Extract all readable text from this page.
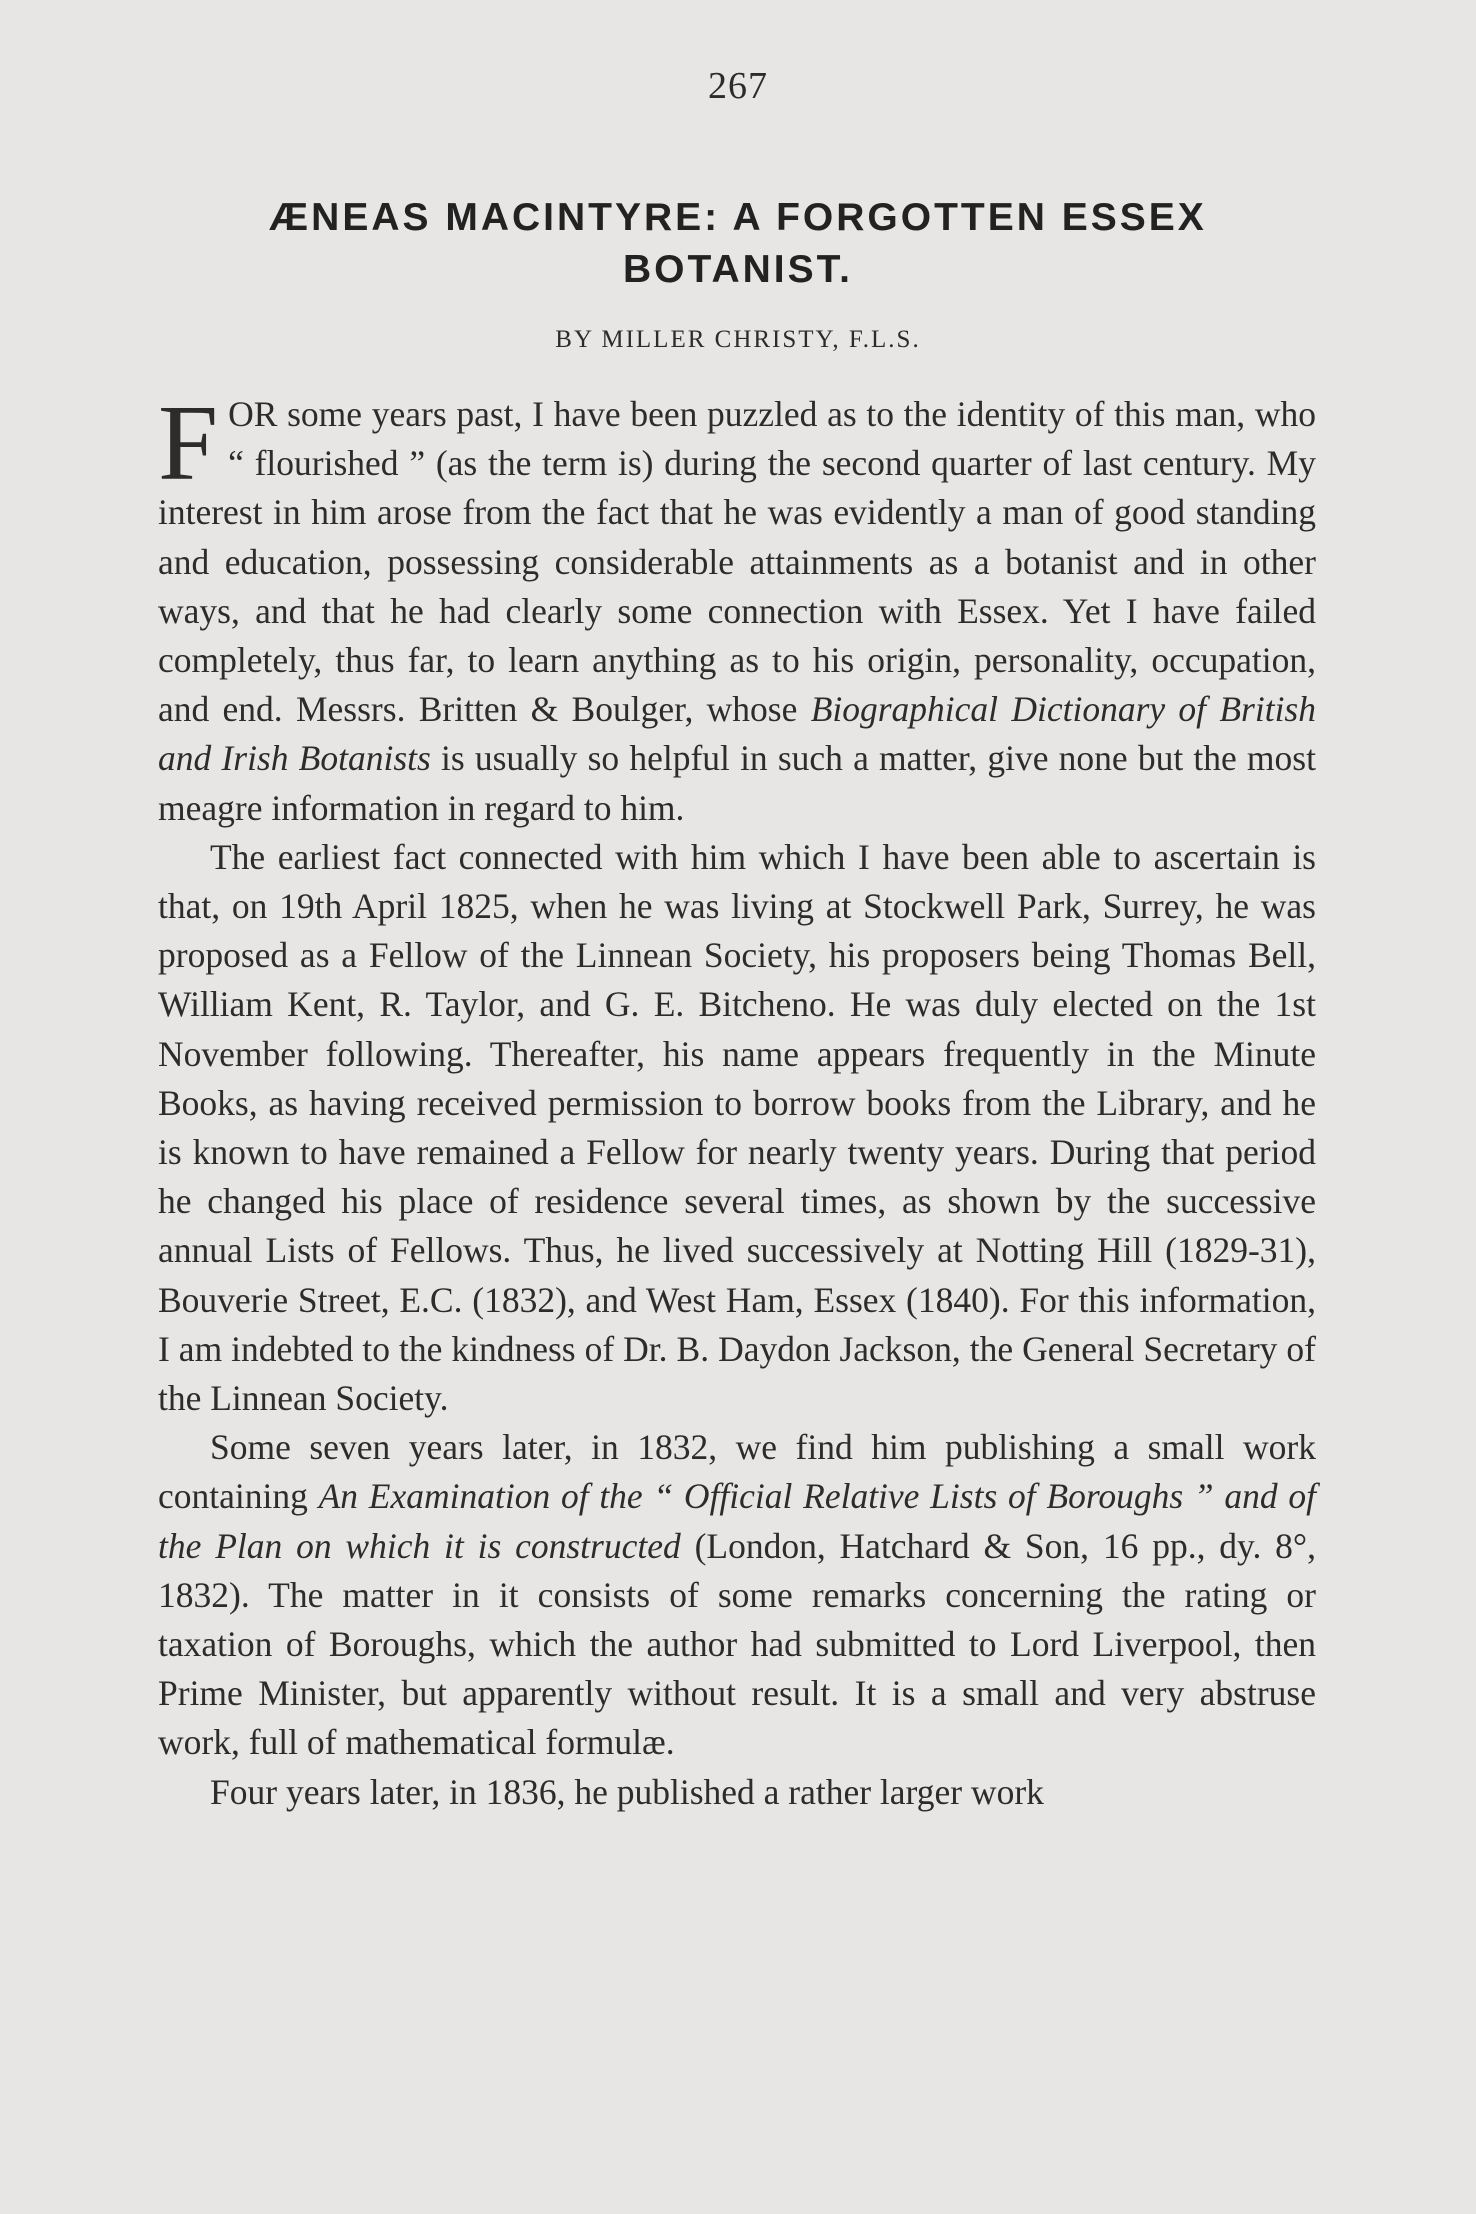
267
ÆNEAS MACINTYRE: A FORGOTTEN ESSEX BOTANIST.
BY MILLER CHRISTY, F.L.S.

FOR some years past, I have been puzzled as to the identity of this man, who “ flourished ” (as the term is) during the second quarter of last century. My interest in him arose from the fact that he was evidently a man of good standing and education, possessing considerable attainments as a botanist and in other ways, and that he had clearly some connection with Essex. Yet I have failed completely, thus far, to learn anything as to his origin, personality, occupation, and end. Messrs. Britten & Boulger, whose Biographical Dictionary of British and Irish Botanists is usually so helpful in such a matter, give none but the most meagre information in regard to him.

The earliest fact connected with him which I have been able to ascertain is that, on 19th April 1825, when he was living at Stockwell Park, Surrey, he was proposed as a Fellow of the Linnean Society, his proposers being Thomas Bell, William Kent, R. Taylor, and G. E. Bitcheno. He was duly elected on the 1st November following. Thereafter, his name appears frequently in the Minute Books, as having received permission to borrow books from the Library, and he is known to have remained a Fellow for nearly twenty years. During that period he changed his place of residence several times, as shown by the successive annual Lists of Fellows. Thus, he lived successively at Notting Hill (1829-31), Bouverie Street, E.C. (1832), and West Ham, Essex (1840). For this information, I am indebted to the kindness of Dr. B. Daydon Jackson, the General Secretary of the Linnean Society.

Some seven years later, in 1832, we find him publishing a small work containing An Examination of the “ Official Relative Lists of Boroughs ” and of the Plan on which it is constructed (London, Hatchard & Son, 16 pp., dy. 8°, 1832). The matter in it consists of some remarks concerning the rating or taxation of Boroughs, which the author had submitted to Lord Liverpool, then Prime Minister, but apparently without result. It is a small and very abstruse work, full of mathematical formulæ.

Four years later, in 1836, he published a rather larger work
